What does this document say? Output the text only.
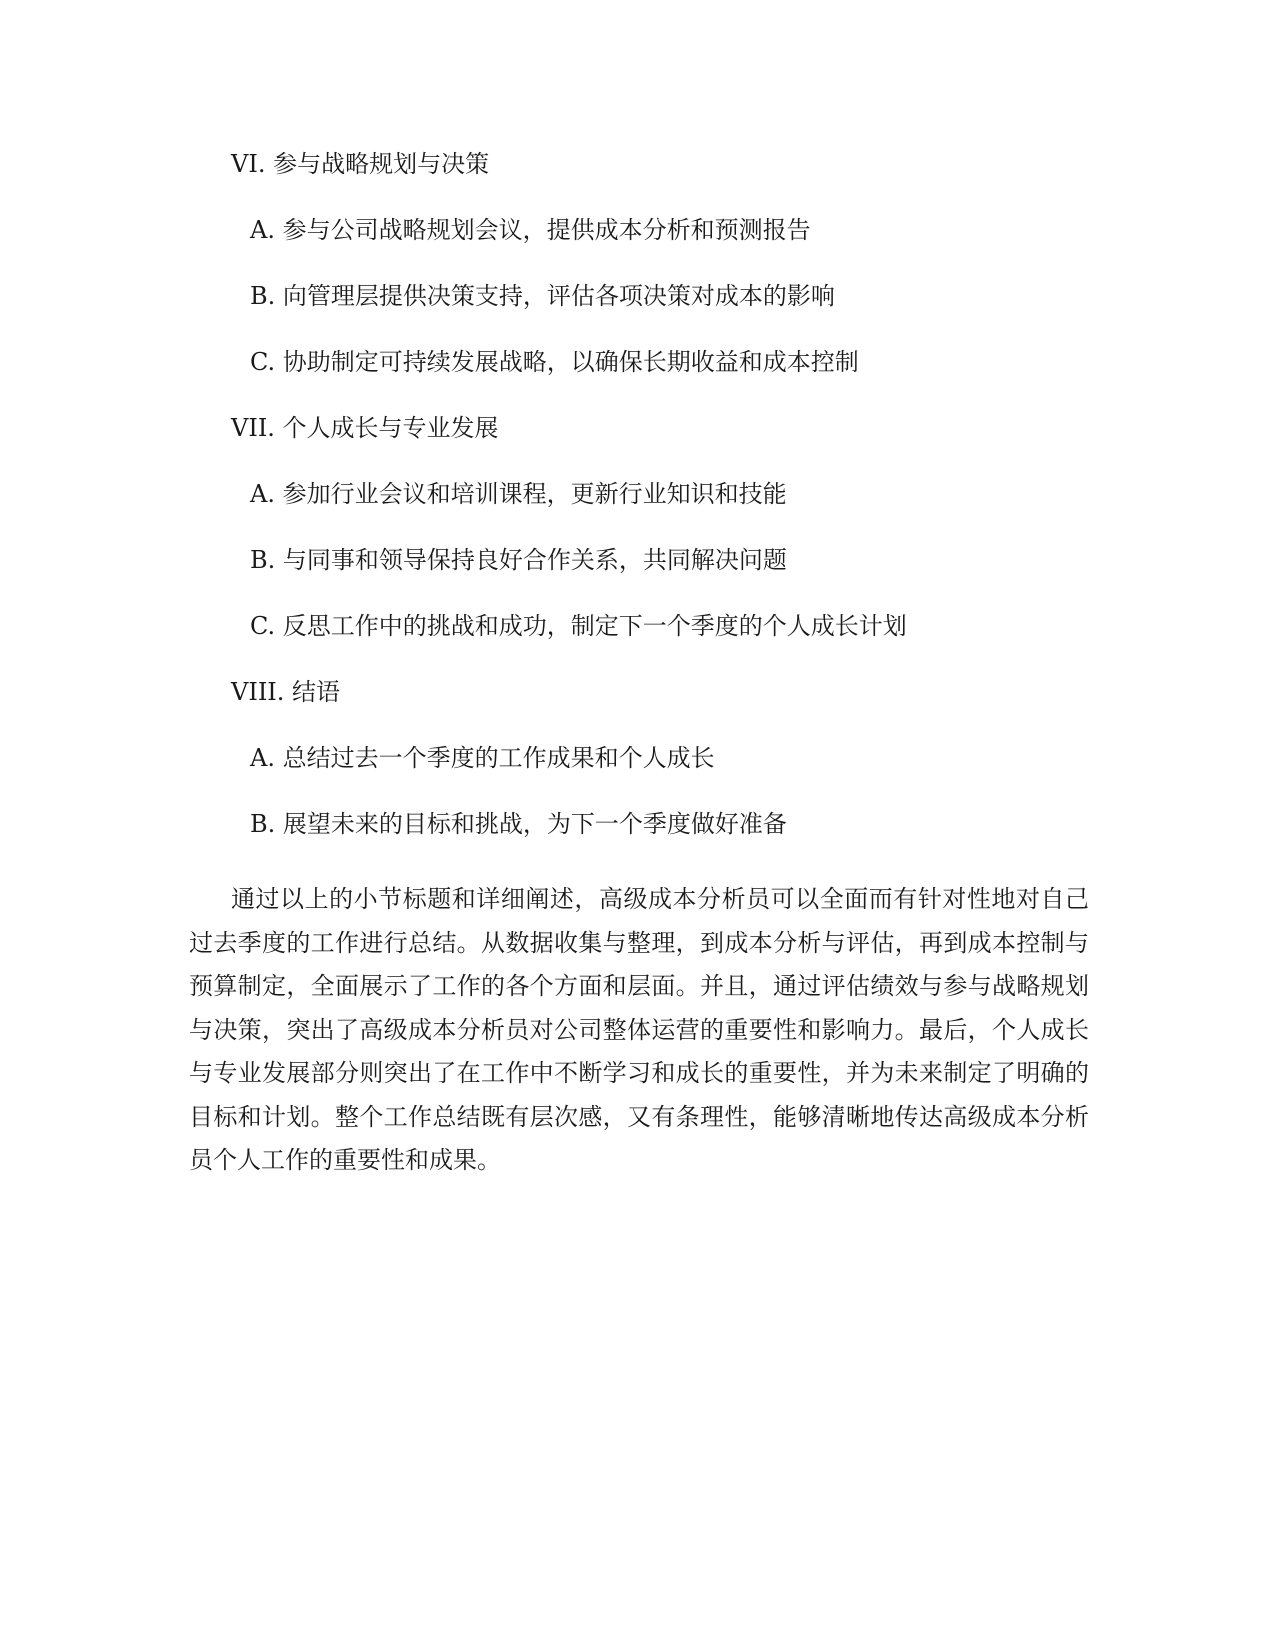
VI. 参与战略规划与决策
A. 参与公司战略规划会议，提供成本分析和预测报告
B. 向管理层提供决策支持，评估各项决策对成本的影响
C. 协助制定可持续发展战略，以确保长期收益和成本控制
VII. 个人成长与专业发展
A. 参加行业会议和培训课程，更新行业知识和技能
B. 与同事和领导保持良好合作关系，共同解决问题
C. 反思工作中的挑战和成功，制定下一个季度的个人成长计划
VIII. 结语
A. 总结过去一个季度的工作成果和个人成长
B. 展望未来的目标和挑战，为下一个季度做好准备

通过以上的小节标题和详细阐述，高级成本分析员可以全面而有针对性地对自己过去季度的工作进行总结。从数据收集与整理，到成本分析与评估，再到成本控制与预算制定，全面展示了工作的各个方面和层面。并且，通过评估绩效与参与战略规划与决策，突出了高级成本分析员对公司整体运营的重要性和影响力。最后，个人成长与专业发展部分则突出了在工作中不断学习和成长的重要性，并为未来制定了明确的目标和计划。整个工作总结既有层次感，又有条理性，能够清晰地传达高级成本分析员个人工作的重要性和成果。
